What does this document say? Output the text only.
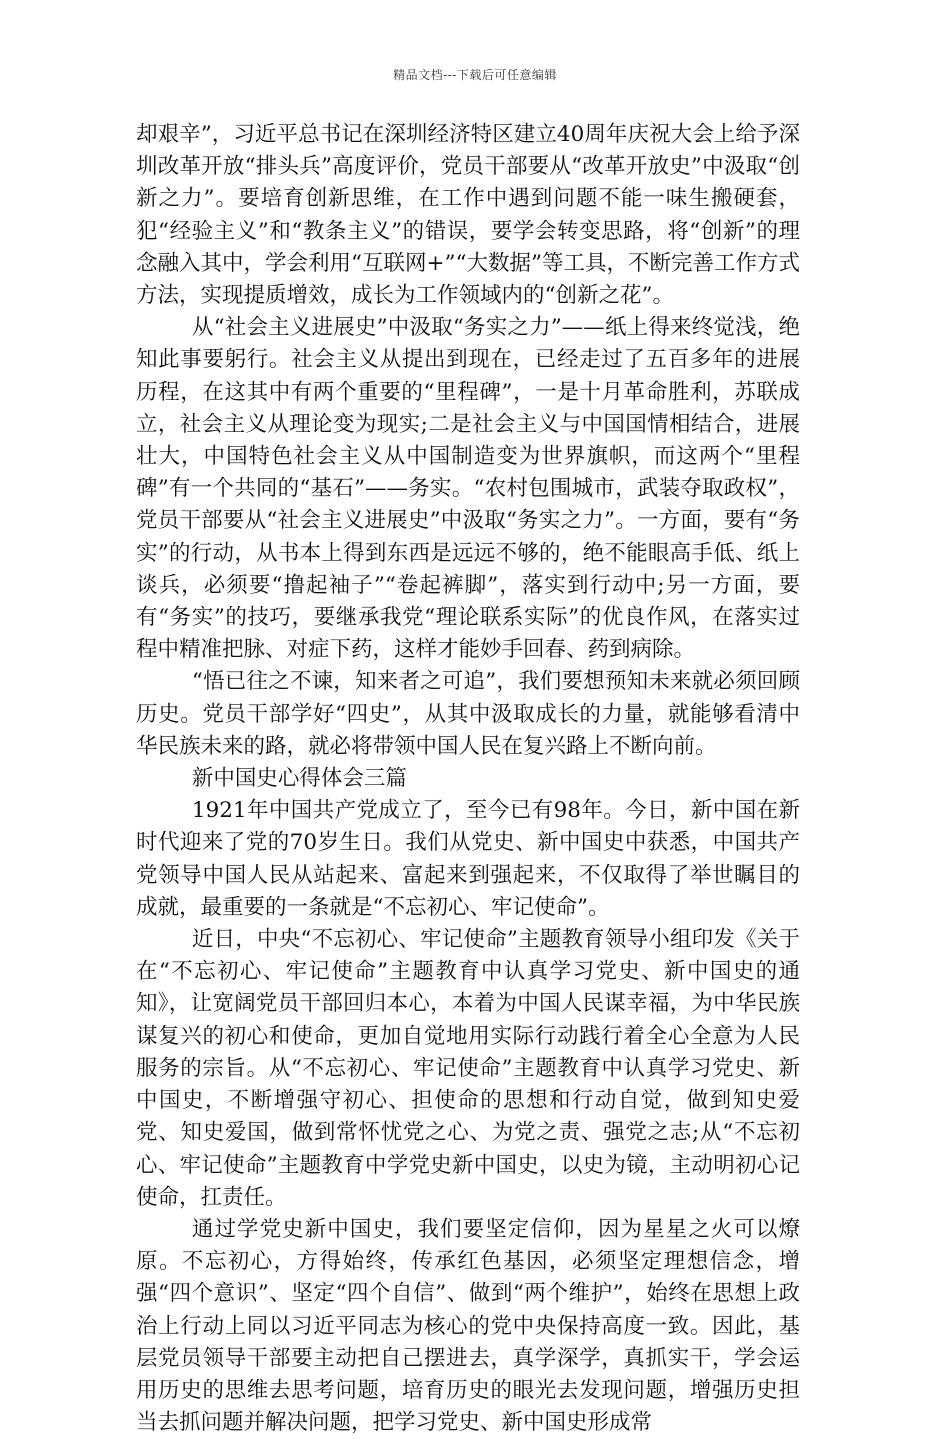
精品文档---下载后可任意编辑

却艰辛”，习近平总书记在深圳经济特区建立40周年庆祝大会上给予深圳改革开放“排头兵”高度评价，党员干部要从“改革开放史”中汲取“创新之力”。要培育创新思维，在工作中遇到问题不能一味生搬硬套，犯“经验主义”和“教条主义”的错误，要学会转变思路，将“创新”的理念融入其中，学会利用“互联网+”“大数据”等工具，不断完善工作方式方法，实现提质增效，成长为工作领域内的“创新之花”。

从“社会主义进展史”中汲取“务实之力”——纸上得来终觉浅，绝知此事要躬行。社会主义从提出到现在，已经走过了五百多年的进展历程，在这其中有两个重要的“里程碑”，一是十月革命胜利，苏联成立，社会主义从理论变为现实;二是社会主义与中国国情相结合，进展壮大，中国特色社会主义从中国制造变为世界旗帜，而这两个“里程碑”有一个共同的“基石”——务实。“农村包围城市，武装夺取政权”，党员干部要从“社会主义进展史”中汲取“务实之力”。一方面，要有“务实”的行动，从书本上得到东西是远远不够的，绝不能眼高手低、纸上谈兵，必须要“撸起袖子”“卷起裤脚”，落实到行动中;另一方面，要有“务实”的技巧，要继承我党“理论联系实际”的优良作风，在落实过程中精准把脉、对症下药，这样才能妙手回春、药到病除。

“悟已往之不谏，知来者之可追”，我们要想预知未来就必须回顾历史。党员干部学好“四史”，从其中汲取成长的力量，就能够看清中华民族未来的路，就必将带领中国人民在复兴路上不断向前。

新中国史心得体会三篇

1921年中国共产党成立了，至今已有98年。今日，新中国在新时代迎来了党的70岁生日。我们从党史、新中国史中获悉，中国共产党领导中国人民从站起来、富起来到强起来，不仅取得了举世瞩目的成就，最重要的一条就是“不忘初心、牢记使命”。

近日，中央“不忘初心、牢记使命”主题教育领导小组印发《关于在“不忘初心、牢记使命”主题教育中认真学习党史、新中国史的通知》，让宽阔党员干部回归本心，本着为中国人民谋幸福，为中华民族谋复兴的初心和使命，更加自觉地用实际行动践行着全心全意为人民服务的宗旨。从“不忘初心、牢记使命”主题教育中认真学习党史、新中国史，不断增强守初心、担使命的思想和行动自觉，做到知史爱党、知史爱国，做到常怀忧党之心、为党之责、强党之志;从“不忘初心、牢记使命”主题教育中学党史新中国史，以史为镜，主动明初心记使命，扛责任。

通过学党史新中国史，我们要坚定信仰，因为星星之火可以燎原。不忘初心，方得始终，传承红色基因，必须坚定理想信念，增强“四个意识”、坚定“四个自信”、做到“两个维护”，始终在思想上政治上行动上同以习近平同志为核心的党中央保持高度一致。因此，基层党员领导干部要主动把自己摆进去，真学深学，真抓实干，学会运用历史的思维去思考问题，培育历史的眼光去发现问题，增强历史担当去抓问题并解决问题，把学习党史、新中国史形成常
